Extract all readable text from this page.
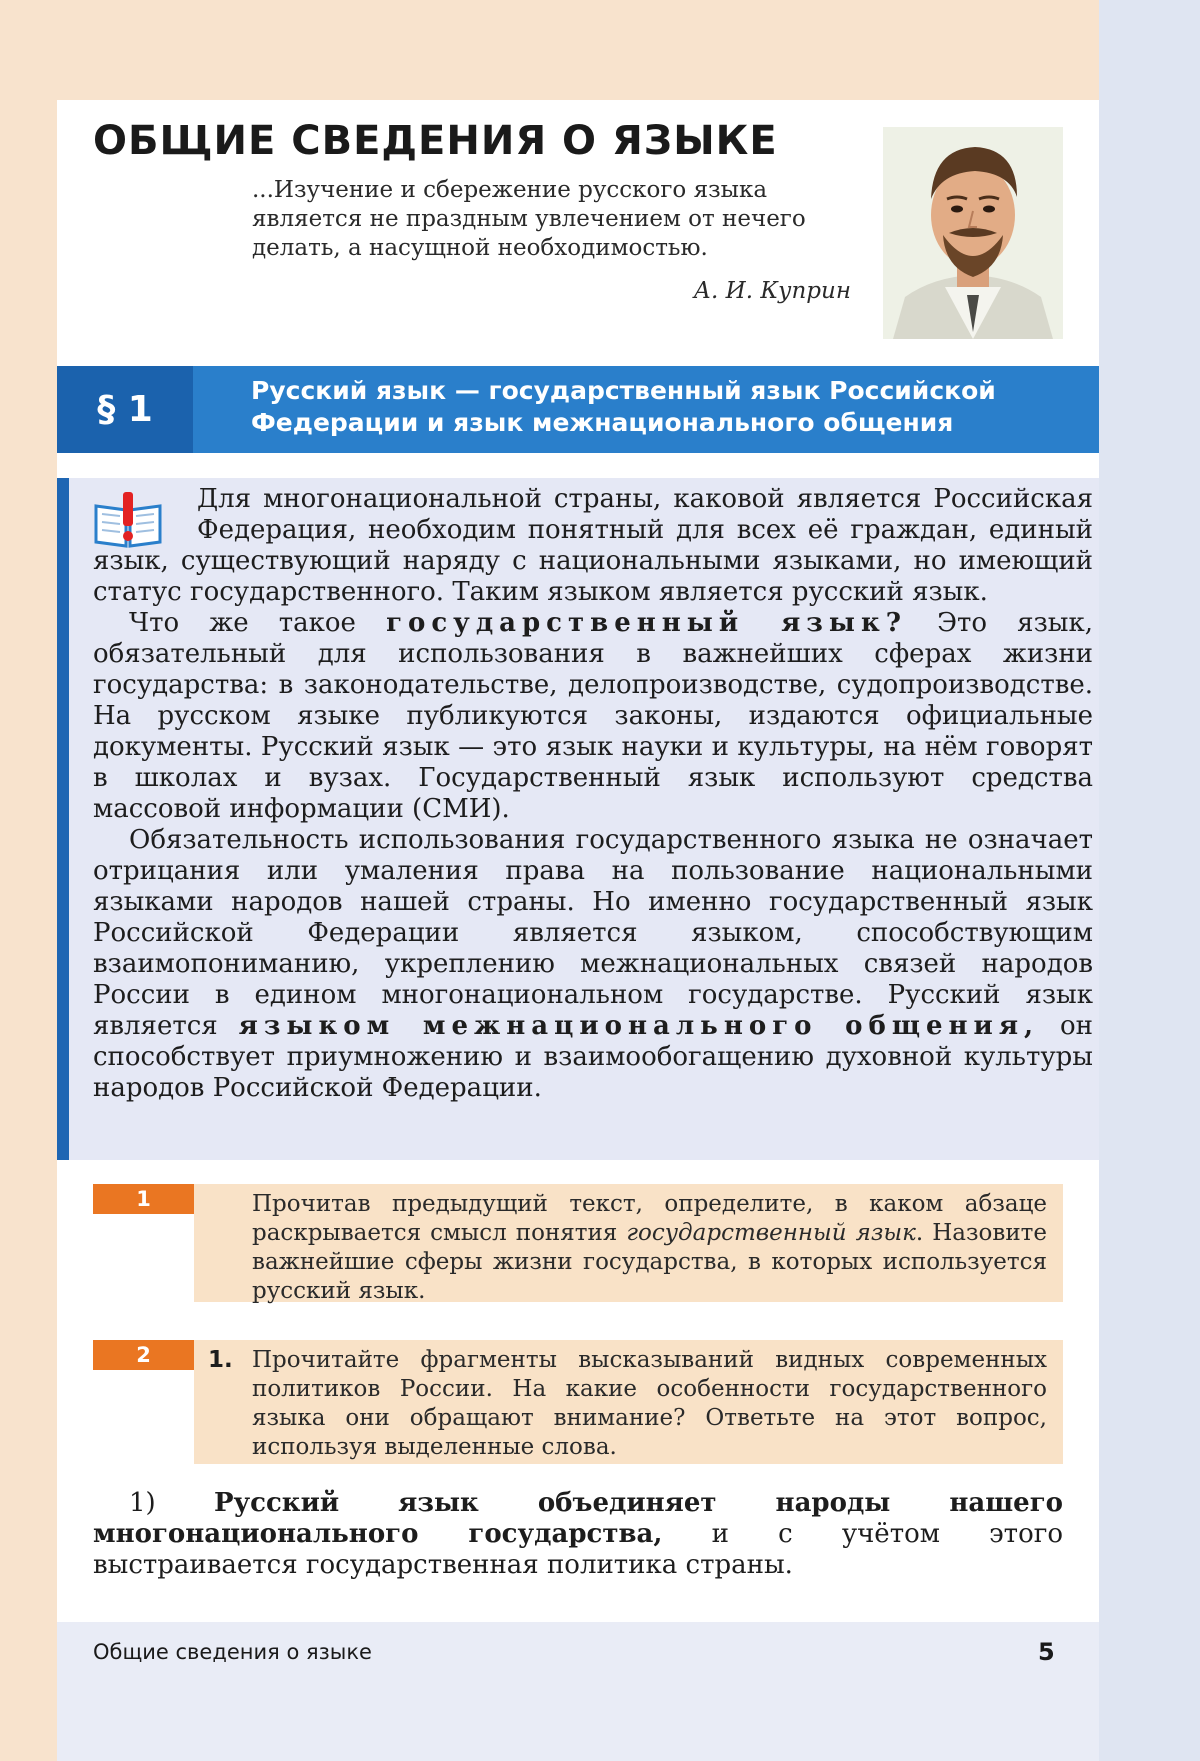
ОБЩИЕ СВЕДЕНИЯ О ЯЗЫКЕ
...Изучение и сбережение русского языка является не праздным увлечением от нечего делать, а насущной необходимостью.
А. И. Куприн
§ 1	Русский язык — государственный язык Российской Федерации и язык межнационального общения

Для многонациональной страны, каковой является Российская Федерация, необходим понятный для всех её граждан, единый язык, существующий наряду с национальными языками, но имеющий статус государственного. Таким языком является русский язык.

Что же такое государственный язык? Это язык, обязательный для использования в важнейших сферах жизни государства: в законодательстве, делопроизводстве, судопроизводстве. На русском языке публикуются законы, издаются официальные документы. Русский язык — это язык науки и культуры, на нём говорят в школах и вузах. Государственный язык используют средства массовой информации (СМИ).

Обязательность использования государственного языка не означает отрицания или умаления права на пользование национальными языками народов нашей страны. Но именно государственный язык Российской Федерации является языком, способствующим взаимопониманию, укреплению межнациональных связей народов России в едином многонациональном государстве. Русский язык является языком межнационального общения, он способствует приумножению и взаимообогащению духовной культуры народов Российской Федерации.

1	Прочитав предыдущий текст, определите, в каком абзаце раскрывается смысл понятия государственный язык. Назовите важнейшие сферы жизни государства, в которых используется русский язык.
2	1. Прочитайте фрагменты высказываний видных современных политиков России. На какие особенности государственного языка они обращают внимание? Ответьте на этот вопрос, используя выделенные слова.
1) Русский язык объединяет народы нашего многонационального государства, и с учётом этого выстраивается государственная политика страны.
Общие сведения о языке	5
